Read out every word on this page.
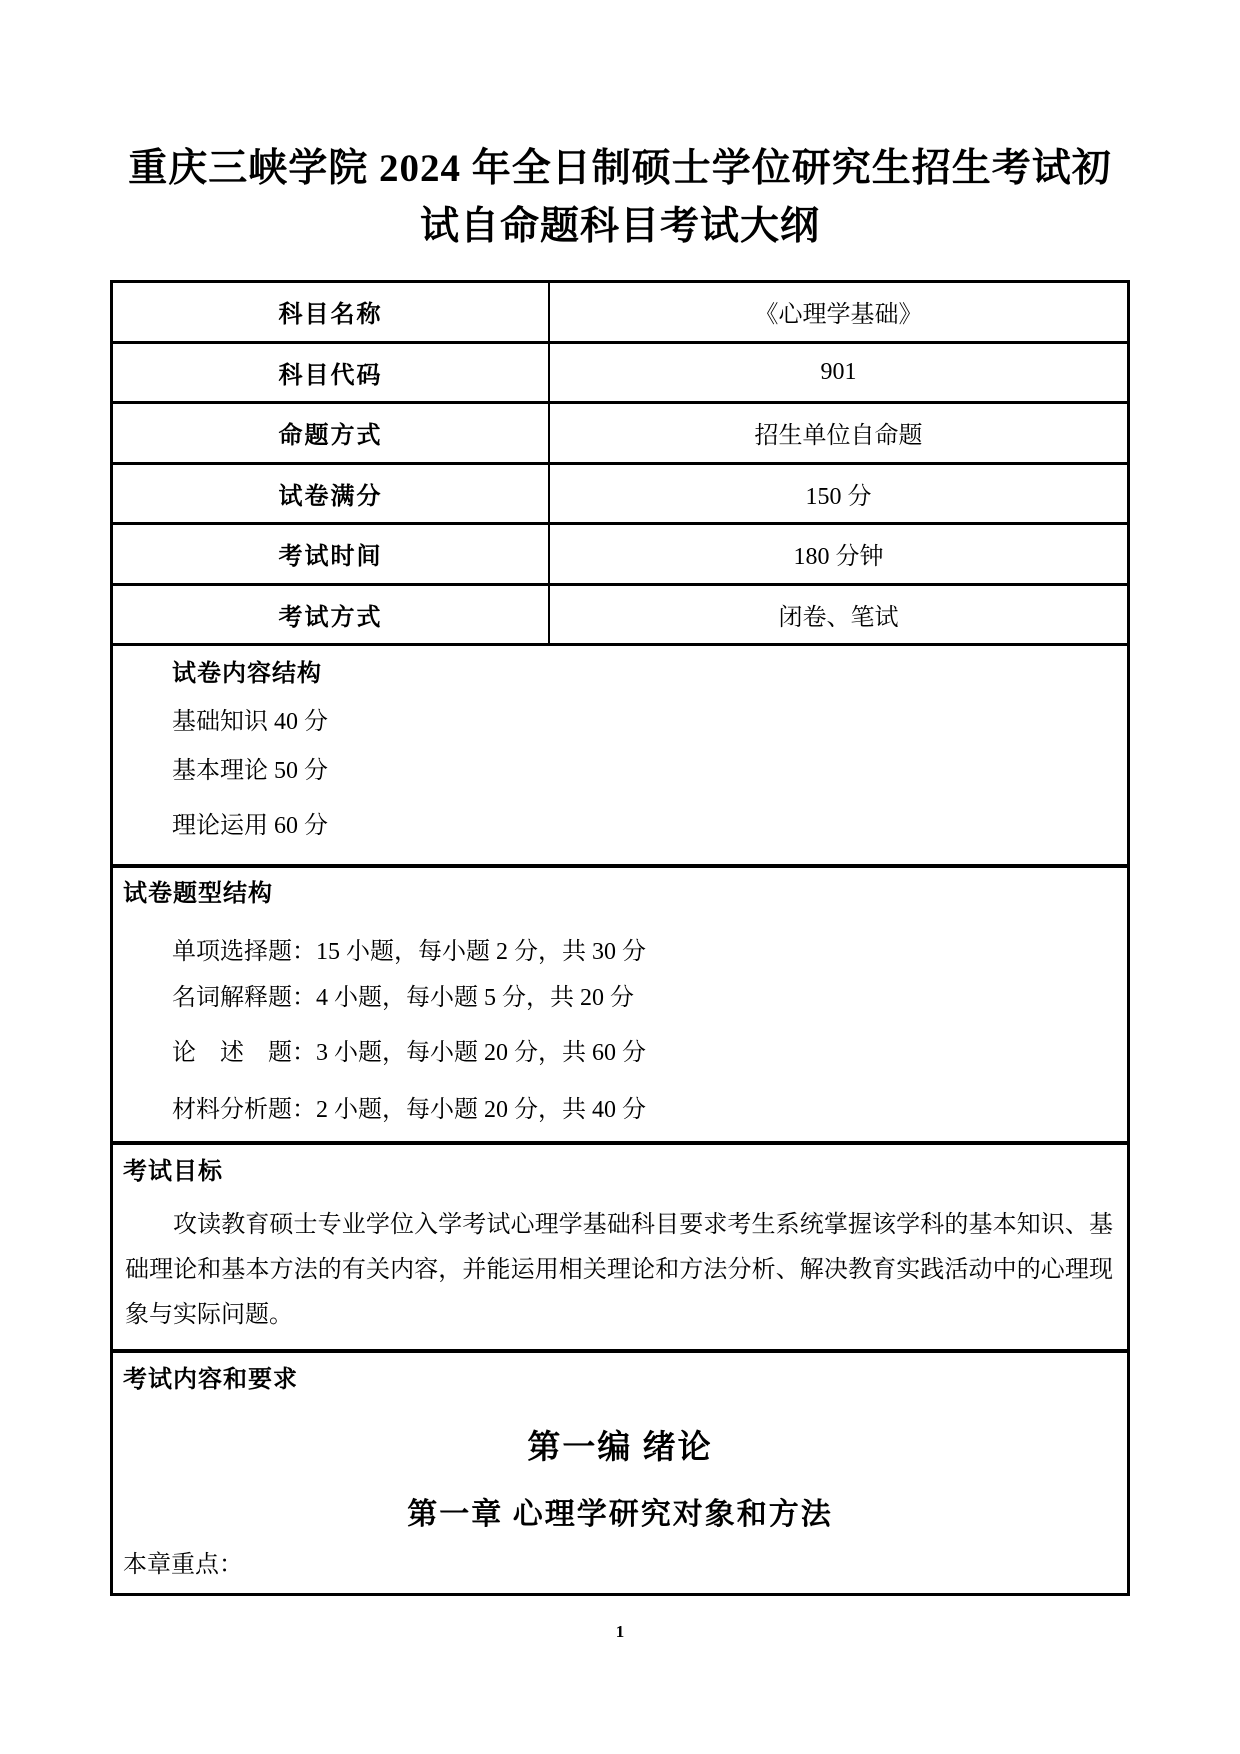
重庆三峡学院 2024 年全日制硕士学位研究生招生考试初
试自命题科目考试大纲
科目名称	《心理学基础》
科目代码	901
命题方式	招生单位自命题
试卷满分	150 分
考试时间	180 分钟
考试方式	闭卷、笔试
试卷内容结构
基础知识 40 分
基本理论 50 分
理论运用 60 分
试卷题型结构
单项选择题：15 小题，每小题 2 分，共 30 分
名词解释题：4 小题，每小题 5 分，共 20 分
论　述　题：3 小题，每小题 20 分，共 60 分
材料分析题：2 小题，每小题 20 分，共 40 分
考试目标
攻读教育硕士专业学位入学考试心理学基础科目要求考生系统掌握该学科的基本知识、基础理论和基本方法的有关内容，并能运用相关理论和方法分析、解决教育实践活动中的心理现象与实际问题。
考试内容和要求
第一编 绪论
第一章 心理学研究对象和方法
本章重点：
1
